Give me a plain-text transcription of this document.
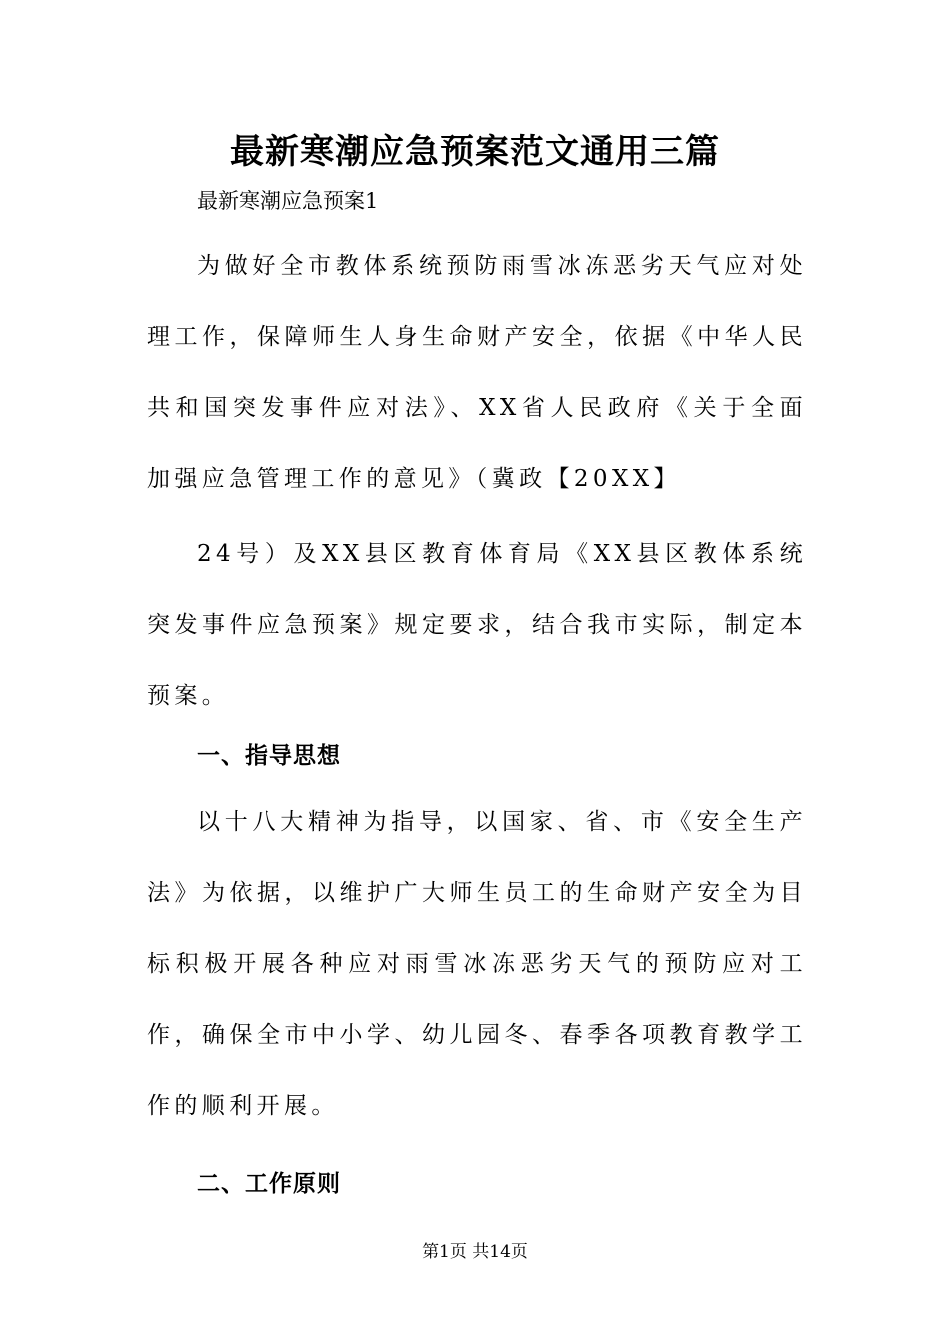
最新寒潮应急预案范文通用三篇
最新寒潮应急预案1
为做好全市教体系统预防雨雪冰冻恶劣天气应对处理工作，保障师生人身生命财产安全，依据《中华人民共和国突发事件应对法》、XX省人民政府《关于全面加强应急管理工作的意见》（冀政【20XX】
24号）及XX县区教育体育局《XX县区教体系统突发事件应急预案》规定要求，结合我市实际，制定本预案。
一、指导思想
以十八大精神为指导，以国家、省、市《安全生产法》为依据，以维护广大师生员工的生命财产安全为目标积极开展各种应对雨雪冰冻恶劣天气的预防应对工作，确保全市中小学、幼儿园冬、春季各项教育教学工作的顺利开展。
二、工作原则
第1页 共14页
